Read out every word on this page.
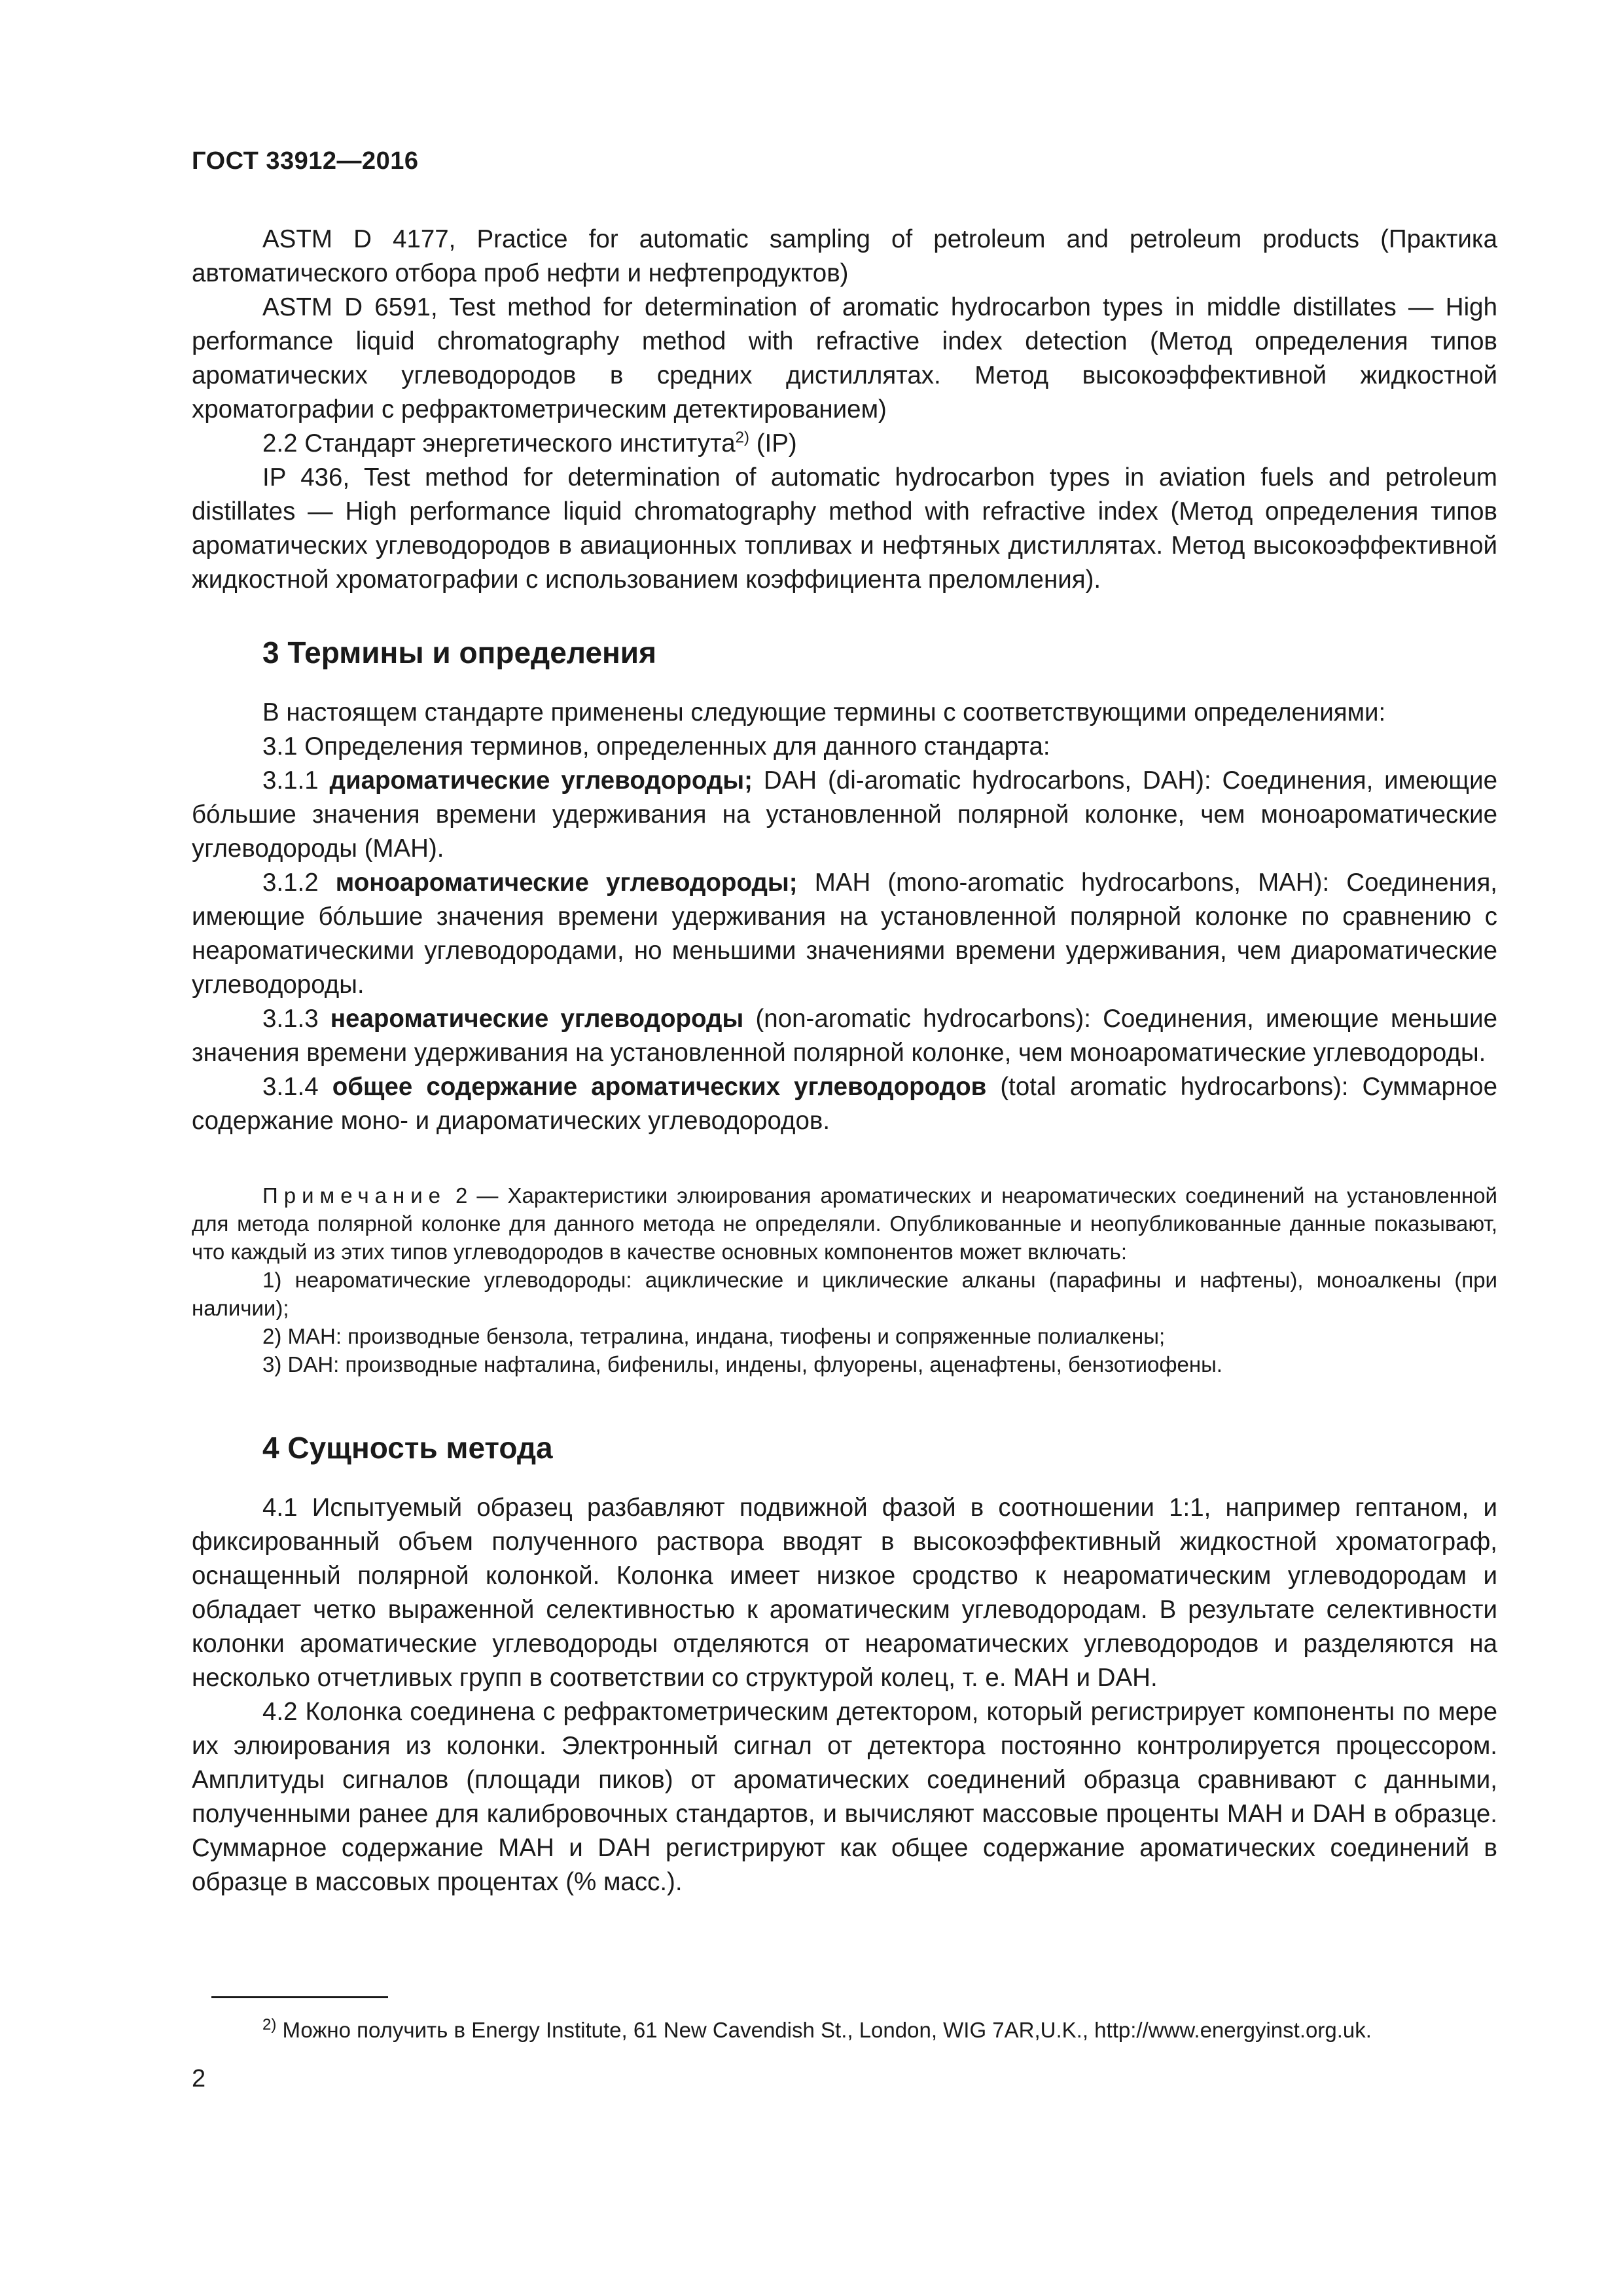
ГОСТ 33912—2016

ASTM D 4177, Practice for automatic sampling of petroleum and petroleum products (Практика автоматического отбора проб нефти и нефтепродуктов)

ASTM D 6591, Test method for determination of aromatic hydrocarbon types in middle distillates — High performance liquid chromatography method with refractive index detection (Метод определения типов ароматических углеводородов в средних дистиллятах. Метод высокоэффективной жидкостной хроматографии с рефрактометрическим детектированием)

2.2 Стандарт энергетического института$^{2)}$ (IP)

IP 436, Test method for determination of automatic hydrocarbon types in aviation fuels and petroleum distillates — High performance liquid chromatography method with refractive index (Метод определения типов ароматических углеводородов в авиационных топливах и нефтяных дистиллятах. Метод высокоэффективной жидкостной хроматографии с использованием коэффициента преломления).

3 Термины и определения

В настоящем стандарте применены следующие термины с соответствующими определениями:

3.1 Определения терминов, определенных для данного стандарта:

3.1.1 диароматические углеводороды; DAH (di-aromatic hydrocarbons, DAH): Соединения, имеющие бóльшие значения времени удерживания на установленной полярной колонке, чем моноароматические углеводороды (МАН).

3.1.2 моноароматические углеводороды; МАН (mono-aromatic hydrocarbons, MAH): Соединения, имеющие бóльшие значения времени удерживания на установленной полярной колонке по сравнению с неароматическими углеводородами, но меньшими значениями времени удерживания, чем диароматические углеводороды.

3.1.3 неароматические углеводороды (non-aromatic hydrocarbons): Соединения, имеющие меньшие значения времени удерживания на установленной полярной колонке, чем моноароматические углеводороды.

3.1.4 общее содержание ароматических углеводородов (total aromatic hydrocarbons): Суммарное содержание моно- и диароматических углеводородов.

Примечание 2 — Характеристики элюирования ароматических и неароматических соединений на установленной для метода полярной колонке для данного метода не определяли. Опубликованные и неопубликованные данные показывают, что каждый из этих типов углеводородов в качестве основных компонентов может включать:

1) неароматические углеводороды: ациклические и циклические алканы (парафины и нафтены), моноалкены (при наличии);

2) МАН: производные бензола, тетралина, индана, тиофены и сопряженные полиалкены;

3) DAH: производные нафталина, бифенилы, индены, флуорены, аценафтены, бензотиофены.

4 Сущность метода

4.1 Испытуемый образец разбавляют подвижной фазой в соотношении 1:1, например гептаном, и фиксированный объем полученного раствора вводят в высокоэффективный жидкостной хроматограф, оснащенный полярной колонкой. Колонка имеет низкое сродство к неароматическим углеводородам и обладает четко выраженной селективностью к ароматическим углеводородам. В результате селективности колонки ароматические углеводороды отделяются от неароматических углеводородов и разделяются на несколько отчетливых групп в соответствии со структурой колец, т. е. МАН и DAH.

4.2 Колонка соединена с рефрактометрическим детектором, который регистрирует компоненты по мере их элюирования из колонки. Электронный сигнал от детектора постоянно контролируется процессором. Амплитуды сигналов (площади пиков) от ароматических соединений образца сравнивают с данными, полученными ранее для калибровочных стандартов, и вычисляют массовые проценты МАН и DAH в образце. Суммарное содержание МАН и DAH регистрируют как общее содержание ароматических соединений в образце в массовых процентах (% масс.).

$^{2)}$ Можно получить в Energy Institute, 61 New Cavendish St., London, WIG 7AR,U.K., http://www.energyinst.org.uk.
2
